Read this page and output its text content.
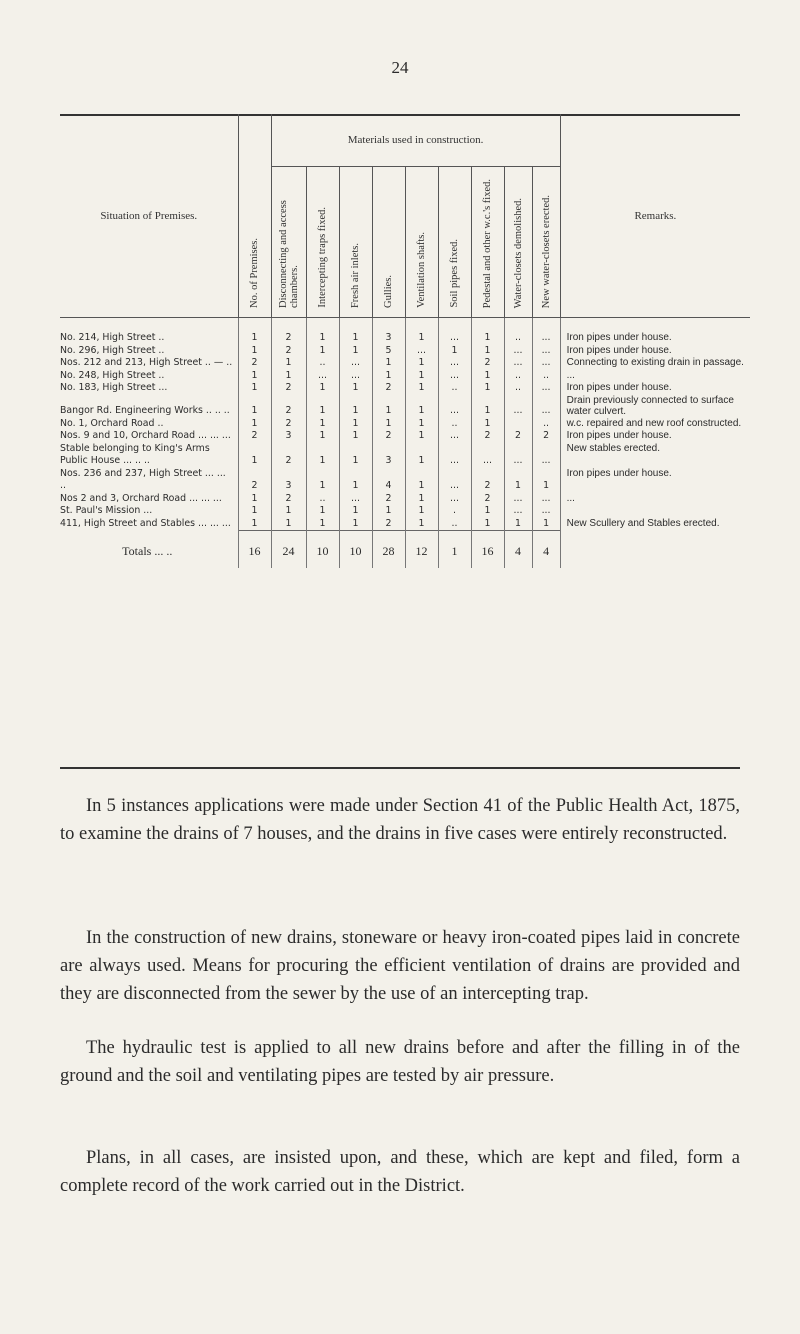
24
Situation of Premises.	No. of Premises.	Materials used in construction.									Remarks.
		Disconnecting and access chambers.	Intercepting traps fixed.	Fresh air inlets.	Gullies.	Ventilation shafts.	Soil pipes fixed.	Pedestal and other w.c.'s fixed.	Water-closets demolished.	New water-closets erected.	
No. 214, High Street ..	1	2	1	1	3	1	...	1	..	...	Iron pipes under house.
No. 296, High Street ..	1	2	1	1	5	...	1	1	...	...	Iron pipes under house.
Nos. 212 and 213, High Street .. — ..	2	1	..	...	1	1	...	2	...	...	Connecting to existing drain in passage.
No. 248, High Street ..	1	1	...	...	1	1	...	1	..	..	...
No. 183, High Street ...	1	2	1	1	2	1	..	1	..	...	Iron pipes under house.
Bangor Rd. Engineering Works .. .. ..	1	2	1	1	1	1	...	1	...	...	Drain previously connected to surface water culvert.
No. 1, Orchard Road ..	1	2	1	1	1	1	..	1		..	w.c. repaired and new roof constructed.
Nos. 9 and 10, Orchard Road ... ... ...	2	3	1	1	2	1	...	2	2	2	Iron pipes under house.
Stable belonging to King's Arms Public House ... .. ..	1	2	1	1	3	1	...	...	...	...	New stables erected.
Nos. 236 and 237, High Street ... ... ..	2	3	1	1	4	1	...	2	1	1	Iron pipes under house.
Nos 2 and 3, Orchard Road ... ... ...	1	2	..	...	2	1	...	2	...	...	...
St. Paul's Mission ...	1	1	1	1	1	1	.	1	...	...	
411, High Street and Stables ... ... ...	1	1	1	1	2	1	..	1	1	1	New Scullery and Stables erected.
Totals ... ..	16	24	10	10	28	12	1	16	4	4	
In 5 instances applications were made under Section 41 of the Public Health Act, 1875, to examine the drains of 7 houses, and the drains in five cases were entirely reconstructed.
In the construction of new drains, stoneware or heavy iron-coated pipes laid in concrete are always used. Means for procuring the efficient ventilation of drains are provided and they are disconnected from the sewer by the use of an intercepting trap.
The hydraulic test is applied to all new drains before and after the filling in of the ground and the soil and ventilating pipes are tested by air pressure.
Plans, in all cases, are insisted upon, and these, which are kept and filed, form a complete record of the work carried out in the District.
